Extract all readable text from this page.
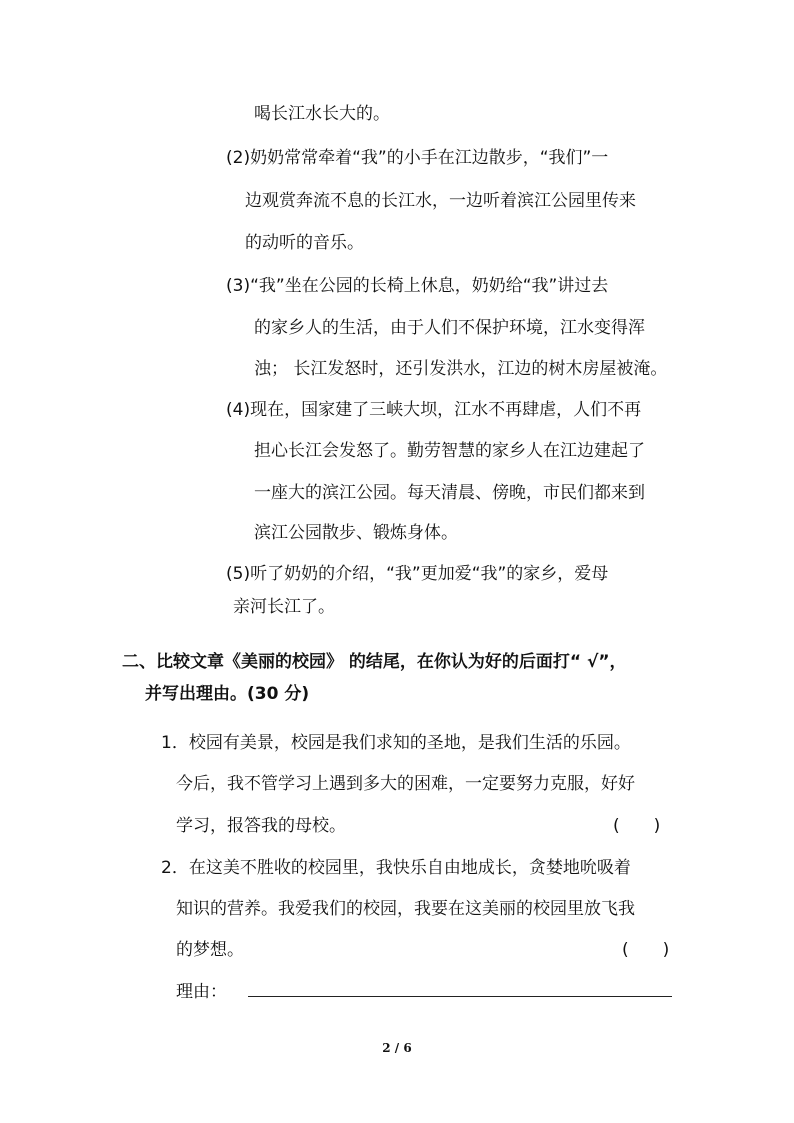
喝长江水长大的。
(2)奶奶常常牵着“我”的小手在江边散步，“我们”一
边观赏奔流不息的长江水，一边听着滨江公园里传来
的动听的音乐。
(3)“我”坐在公园的长椅上休息，奶奶给“我”讲过去
的家乡人的生活，由于人们不保护环境，江水变得浑
浊； 长江发怒时，还引发洪水，江边的树木房屋被淹。
(4)现在，国家建了三峡大坝，江水不再肆虐，人们不再
担心长江会发怒了。勤劳智慧的家乡人在江边建起了
一座大的滨江公园。每天清晨、傍晚，市民们都来到
滨江公园散步、锻炼身体。
(5)听了奶奶的介绍，“我”更加爱“我”的家乡，爱母
亲河长江了。
二、比较文章《美丽的校园》 的结尾，在你认为好的后面打“ √”，
并写出理由。(30 分)
1．校园有美景，校园是我们求知的圣地，是我们生活的乐园。
今后，我不管学习上遇到多大的困难，一定要努力克服，好好
学习，报答我的母校。	(　　)
2．在这美不胜收的校园里，我快乐自由地成长，贪婪地吮吸着
知识的营养。我爱我们的校园，我要在这美丽的校园里放飞我
的梦想。	(　　)
理由：
2 / 6
